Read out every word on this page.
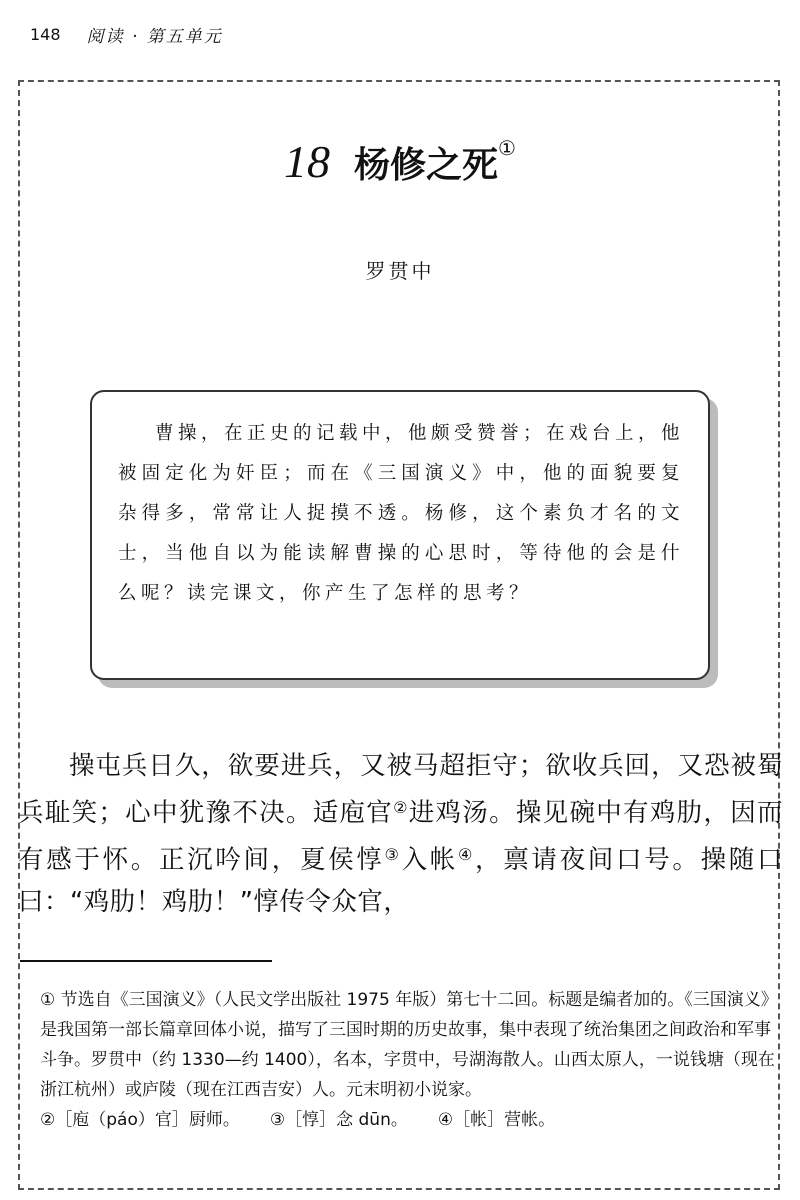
148 阅读 · 第五单元
18 杨修之死①
罗贯中

曹操，在正史的记载中，他颇受赞誉；在戏台上，他被固定化为奸臣；而在《三国演义》中，他的面貌要复杂得多，常常让人捉摸不透。杨修，这个素负才名的文士，当他自以为能读解曹操的心思时，等待他的会是什么呢？读完课文，你产生了怎样的思考？

操屯兵日久，欲要进兵，又被马超拒守；欲收兵回，又恐被蜀兵耻笑；心中犹豫不决。适庖官②进鸡汤。操见碗中有鸡肋，因而有感于怀。正沉吟间，夏侯惇③入帐④，禀请夜间口号。操随口曰：“鸡肋！鸡肋！”惇传令众官，

① 节选自《三国演义》（人民文学出版社 1975 年版）第七十二回。标题是编者加的。《三国演义》是我国第一部长篇章回体小说，描写了三国时期的历史故事，集中表现了统治集团之间政治和军事斗争。罗贯中（约 1330—约 1400），名本，字贯中，号湖海散人。山西太原人，一说钱塘（现在浙江杭州）或庐陵（现在江西吉安）人。元末明初小说家。

②［庖（páo）官］厨师。 ③［惇］念 dūn。 ④［帐］营帐。
